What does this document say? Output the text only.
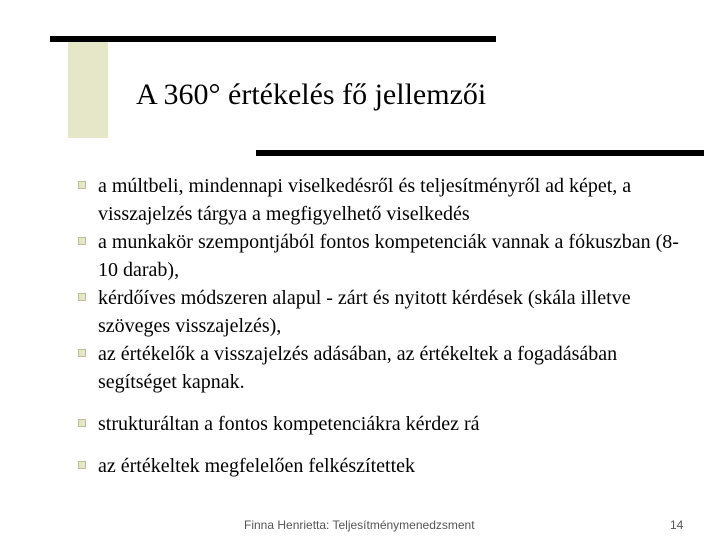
A 360° értékelés fő jellemzői
a múltbeli, mindennapi viselkedésről és teljesítményről ad képet, a visszajelzés tárgya a megfigyelhető viselkedés
a munkakör szempontjából fontos kompetenciák vannak a fókuszban (8-10 darab),
kérdőíves módszeren alapul - zárt és nyitott kérdések (skála illetve szöveges visszajelzés),
az értékelők a visszajelzés adásában, az értékeltek a fogadásában segítséget kapnak.
strukturáltan a fontos kompetenciákra kérdez rá
az értékeltek megfelelően felkészítettek
Finna Henrietta: Teljesítménymenedzsment	14
